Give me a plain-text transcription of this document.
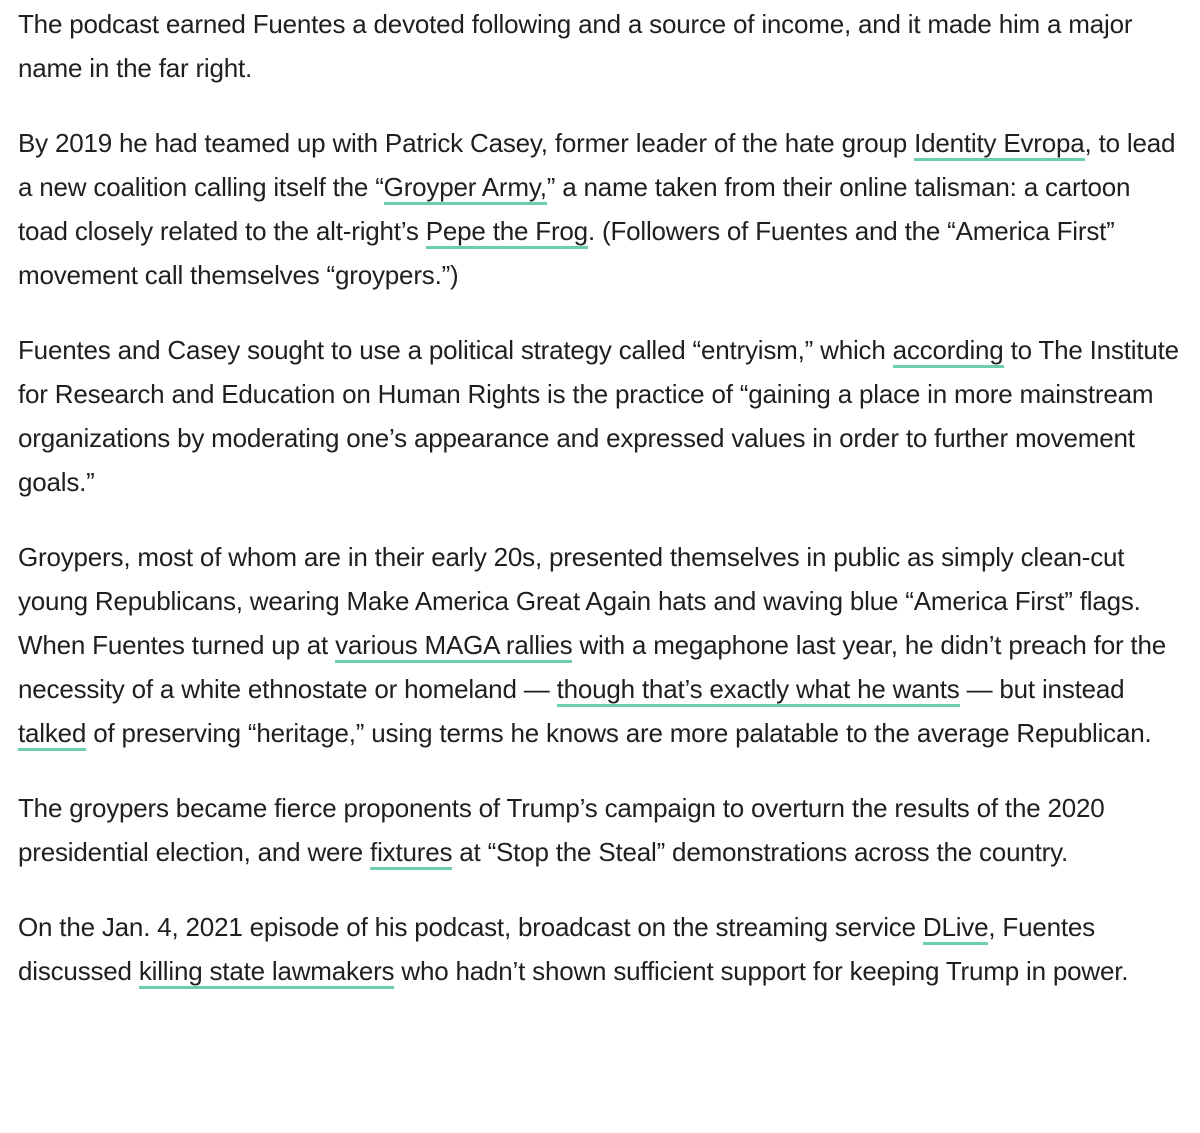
The podcast earned Fuentes a devoted following and a source of income, and it made him a major name in the far right.

By 2019 he had teamed up with Patrick Casey, former leader of the hate group Identity Evropa, to lead a new coalition calling itself the “Groyper Army,” a name taken from their online talisman: a cartoon toad closely related to the alt-right’s Pepe the Frog. (Followers of Fuentes and the “America First” movement call themselves “groypers.”)

Fuentes and Casey sought to use a political strategy called “entryism,” which according to The Institute for Research and Education on Human Rights is the practice of “gaining a place in more mainstream organizations by moderating one’s appearance and expressed values in order to further movement goals.”

Groypers, most of whom are in their early 20s, presented themselves in public as simply clean-cut young Republicans, wearing Make America Great Again hats and waving blue “America First” flags. When Fuentes turned up at various MAGA rallies with a megaphone last year, he didn’t preach for the necessity of a white ethnostate or homeland — though that’s exactly what he wants — but instead talked of preserving “heritage,” using terms he knows are more palatable to the average Republican.

The groypers became fierce proponents of Trump’s campaign to overturn the results of the 2020 presidential election, and were fixtures at “Stop the Steal” demonstrations across the country.

On the Jan. 4, 2021 episode of his podcast, broadcast on the streaming service DLive, Fuentes discussed killing state lawmakers who hadn’t shown sufficient support for keeping Trump in power.
